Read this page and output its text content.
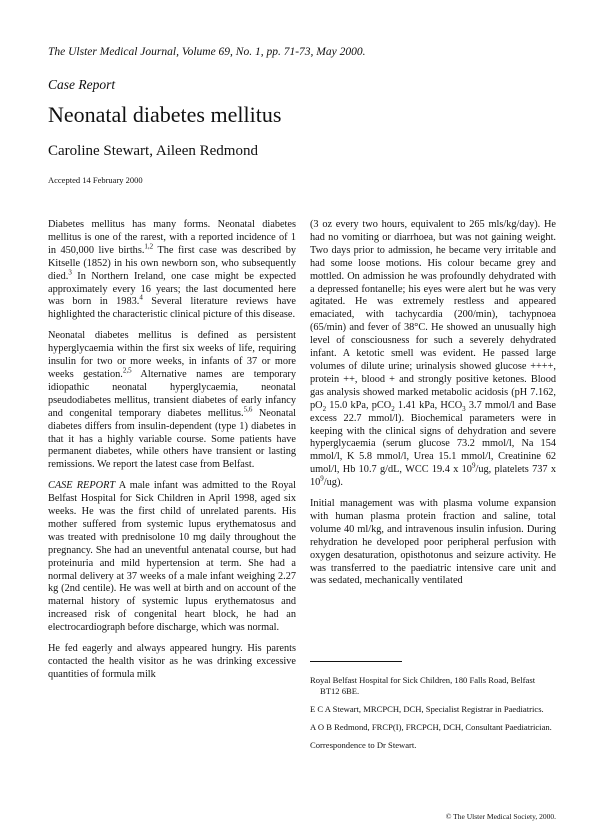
The Ulster Medical Journal, Volume 69, No. 1, pp. 71-73, May 2000.
Case Report
Neonatal diabetes mellitus
Caroline Stewart, Aileen Redmond
Accepted 14 February 2000

Diabetes mellitus has many forms. Neonatal diabetes mellitus is one of the rarest, with a reported incidence of 1 in 450,000 live births.$^{1,2}$ The first case was described by Kitselle (1852) in his own newborn son, who subsequently died.$^3$ In Northern Ireland, one case might be expected approximately every 16 years; the last documented here was born in 1983.$^4$ Several literature reviews have highlighted the characteristic clinical picture of this disease.

Neonatal diabetes mellitus is defined as persistent hyperglycaemia within the first six weeks of life, requiring insulin for two or more weeks, in infants of 37 or more weeks gestation.$^{2,5}$ Alternative names are temporary idiopathic neonatal hyperglycaemia, neonatal pseudodiabetes mellitus, transient diabetes of early infancy and congenital temporary diabetes mellitus.$^{5,6}$ Neonatal diabetes differs from insulin-dependent (type 1) diabetes in that it has a highly variable course. Some patients have permanent diabetes, while others have transient or lasting remissions. We report the latest case from Belfast.

CASE REPORT A male infant was admitted to the Royal Belfast Hospital for Sick Children in April 1998, aged six weeks. He was the first child of unrelated parents. His mother suffered from systemic lupus erythematosus and was treated with prednisolone 10 mg daily throughout the pregnancy. She had an uneventful antenatal course, but had proteinuria and mild hypertension at term. She had a normal delivery at 37 weeks of a male infant weighing 2.27 kg (2nd centile). He was well at birth and on account of the maternal history of systemic lupus erythematosus and increased risk of congenital heart block, he had an electrocardiograph before discharge, which was normal.

He fed eagerly and always appeared hungry. His parents contacted the health visitor as he was drinking excessive quantities of formula milk

(3 oz every two hours, equivalent to 265 mls/kg/day). He had no vomiting or diarrhoea, but was not gaining weight. Two days prior to admission, he became very irritable and had some loose motions. His colour became grey and mottled. On admission he was profoundly dehydrated with a depressed fontanelle; his eyes were alert but he was very agitated. He was extremely restless and appeared emaciated, with tachycardia (200/min), tachypnoea (65/min) and fever of 38°C. He showed an unusually high level of consciousness for such a severely dehydrated infant. A ketotic smell was evident. He passed large volumes of dilute urine; urinalysis showed glucose ++++, protein ++, blood + and strongly positive ketones. Blood gas analysis showed marked metabolic acidosis (pH 7.162, $pO_2$ 15.0 kPa, pCO$_2$ 1.41 kPa, $HCO_3$ 3.7 mmol/l and Base excess 22.7 mmol/l). Biochemical parameters were in keeping with the clinical signs of dehydration and severe hyperglycaemia (serum glucose 73.2 mmol/l, Na 154 mmol/l, K 5.8 mmol/l, Urea 15.1 mmol/l, Creatinine 62 umol/l, Hb 10.7 g/dL, WCC 19.4 x $10^9/ug$, platelets 737 x $10^9/ug$).

Initial management was with plasma volume expansion with human plasma protein fraction and saline, total volume 40 ml/kg, and intravenous insulin infusion. During rehydration he developed poor peripheral perfusion with oxygen desaturation, opisthotonus and seizure activity. He was transferred to the paediatric intensive care unit and was sedated, mechanically ventilated

Royal Belfast Hospital for Sick Children, 180 Falls Road, Belfast BT12 6BE.

E C A Stewart, MRCPCH, DCH, Specialist Registrar in Paediatrics.

A O B Redmond, FRCP(I), FRCPCH, DCH, Consultant Paediatrician.

Correspondence to Dr Stewart.

© The Ulster Medical Society, 2000.
